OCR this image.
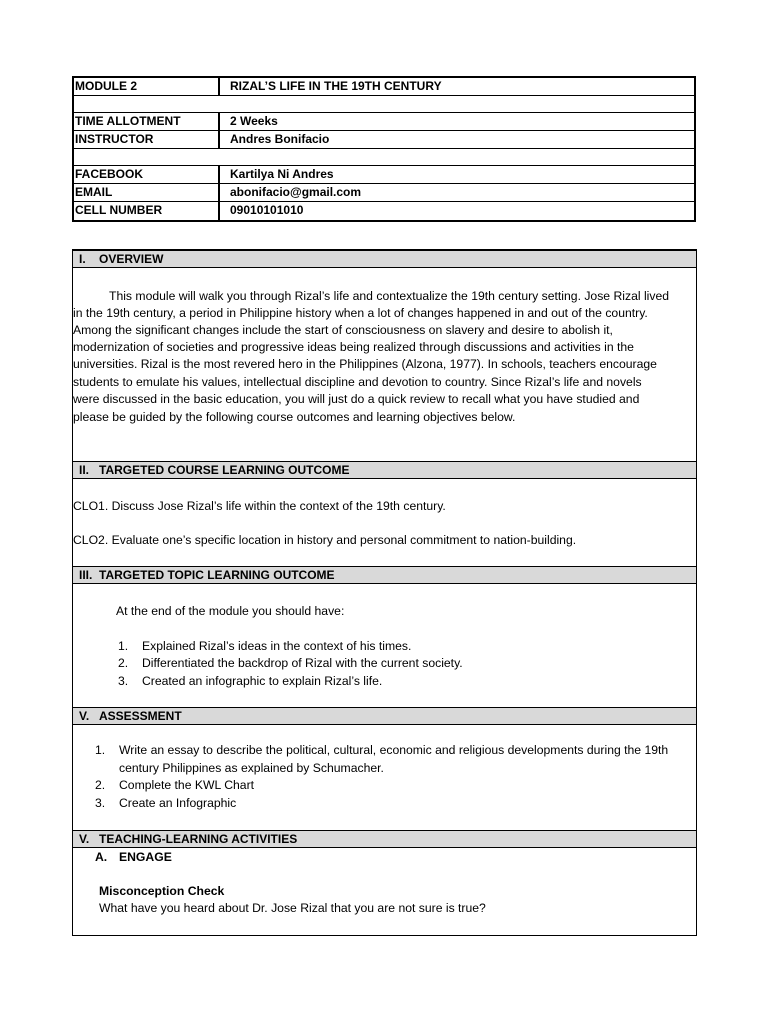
MODULE 2	RIZAL’S LIFE IN THE 19TH CENTURY
TIME ALLOTMENT	2 Weeks
INSTRUCTOR	Andres Bonifacio
FACEBOOK	Kartilya Ni Andres
EMAIL	abonifacio@gmail.com
CELL NUMBER	09010101010
I. OVERVIEW
This module will walk you through Rizal’s life and contextualize the 19th century setting. Jose Rizal lived
in the 19th century, a period in Philippine history when a lot of changes happened in and out of the country.
Among the significant changes include the start of consciousness on slavery and desire to abolish it,
modernization of societies and progressive ideas being realized through discussions and activities in the
universities. Rizal is the most revered hero in the Philippines (Alzona, 1977). In schools, teachers encourage
students to emulate his values, intellectual discipline and devotion to country. Since Rizal’s life and novels
were discussed in the basic education, you will just do a quick review to recall what you have studied and
please be guided by the following course outcomes and learning objectives below.
II. TARGETED COURSE LEARNING OUTCOME
CLO1. Discuss Jose Rizal’s life within the context of the 19th century.
CLO2. Evaluate one’s specific location in history and personal commitment to nation-building.
III. TARGETED TOPIC LEARNING OUTCOME
At the end of the module you should have:
1. Explained Rizal’s ideas in the context of his times.
2. Differentiated the backdrop of Rizal with the current society.
3. Created an infographic to explain Rizal’s life.
V. ASSESSMENT
1. Write an essay to describe the political, cultural, economic and religious developments during the 19th
century Philippines as explained by Schumacher.
2. Complete the KWL Chart
3. Create an Infographic
V. TEACHING-LEARNING ACTIVITIES
A. ENGAGE
Misconception Check
What have you heard about Dr. Jose Rizal that you are not sure is true?
